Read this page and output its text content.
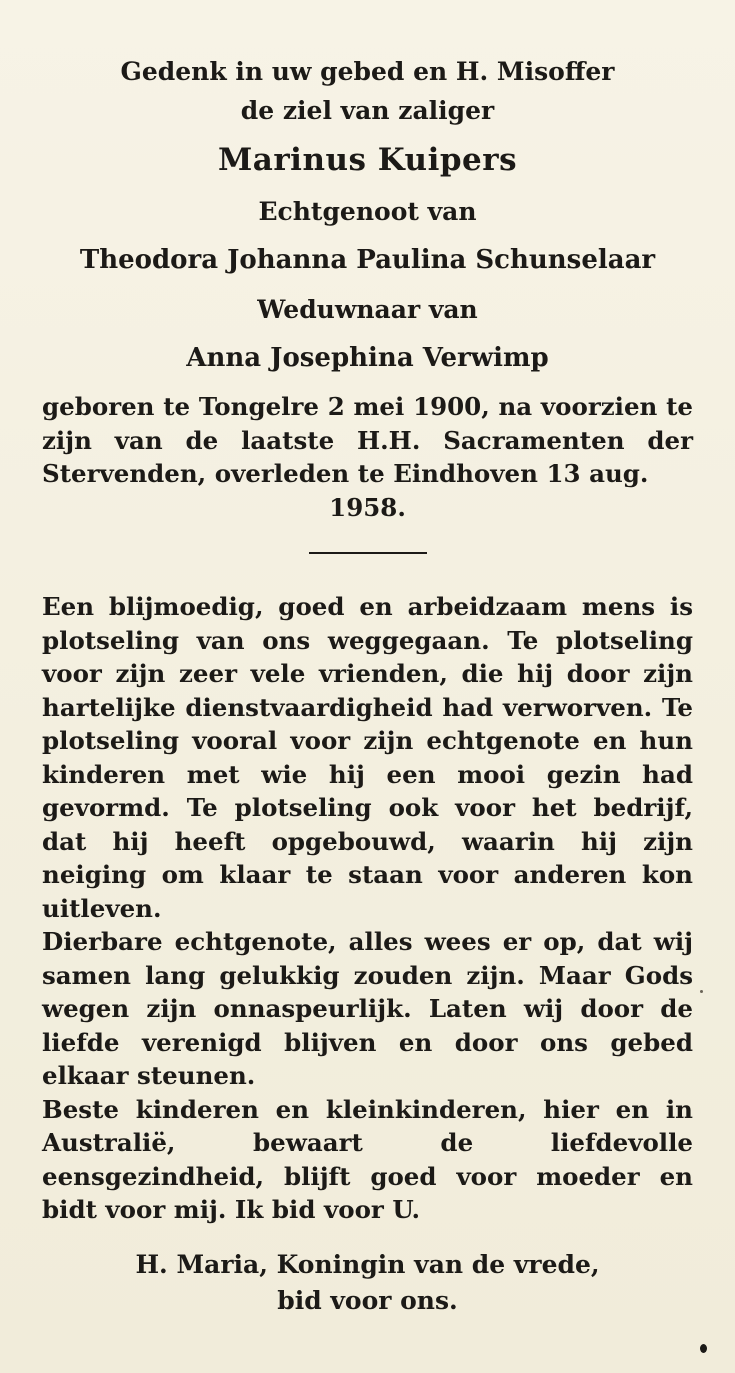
Gedenk in uw gebed en H. Misoffer

de ziel van zaliger

Marinus Kuipers

Echtgenoot van

Theodora Johanna Paulina Schunselaar

Weduwnaar van

Anna Josephina Verwimp

geboren te Tongelre 2 mei 1900, na voorzien te zijn van de laatste H.H. Sacramenten der Stervenden, overleden te Eindhoven 13 aug.

1958.

Een blijmoedig, goed en arbeidzaam mens is plotseling van ons weggegaan. Te plotseling voor zijn zeer vele vrienden, die hij door zijn hartelijke dienstvaardigheid had verworven. Te plotseling vooral voor zijn echtgenote en hun kinderen met wie hij een mooi gezin had gevormd. Te plotseling ook voor het bedrijf, dat hij heeft opgebouwd, waarin hij zijn neiging om klaar te staan voor anderen kon uitleven.

Dierbare echtgenote, alles wees er op, dat wij samen lang gelukkig zouden zijn. Maar Gods wegen zijn onnaspeurlijk. Laten wij door de liefde verenigd blijven en door ons gebed elkaar steunen.

Beste kinderen en kleinkinderen, hier en in Australië, bewaart de liefdevolle eensgezindheid, blijft goed voor moeder en bidt voor mij. Ik bid voor U.

H. Maria, Koningin van de vrede,
bid voor ons.
